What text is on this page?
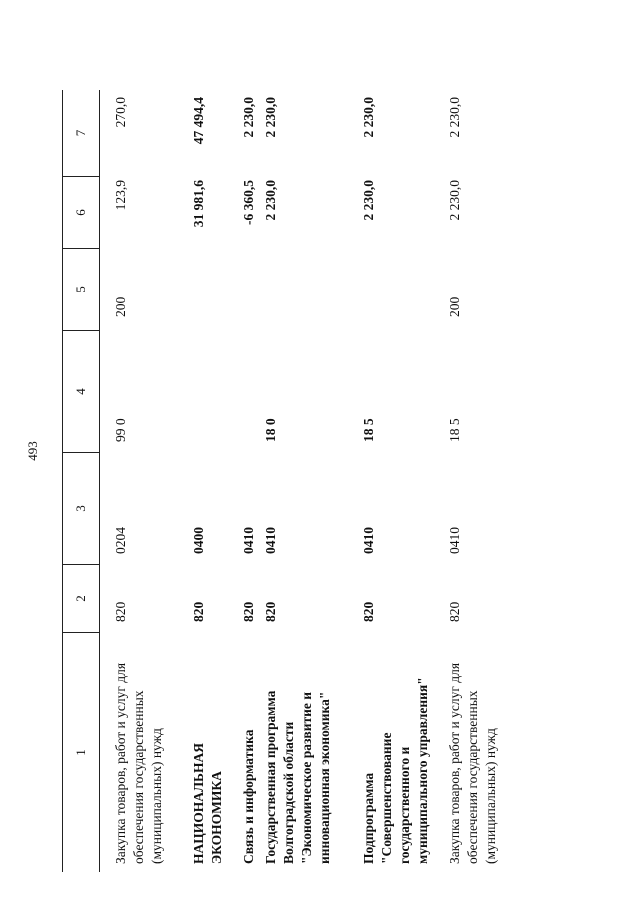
493
1
2
3
4
5
6
7
Закупка товаров, работ и услуг для обеспечения государственных (муниципальных) нужд
820
0204
99 0
200
123,9
270,0
НАЦИОНАЛЬНАЯ ЭКОНОМИКА
820
0400
31 981,6
47 494,4
Связь и информатика
820
0410
-6 360,5
2 230,0
Государственная программа Волгоградской области "Экономическое развитие и инновационная экономика"
820
0410
18 0
2 230,0
2 230,0
Подпрограмма "Совершенствование государственного и муниципального управления"
820
0410
18 5
2 230,0
2 230,0
Закупка товаров, работ и услуг для обеспечения государственных (муниципальных) нужд
820
0410
18 5
200
2 230,0
2 230,0
